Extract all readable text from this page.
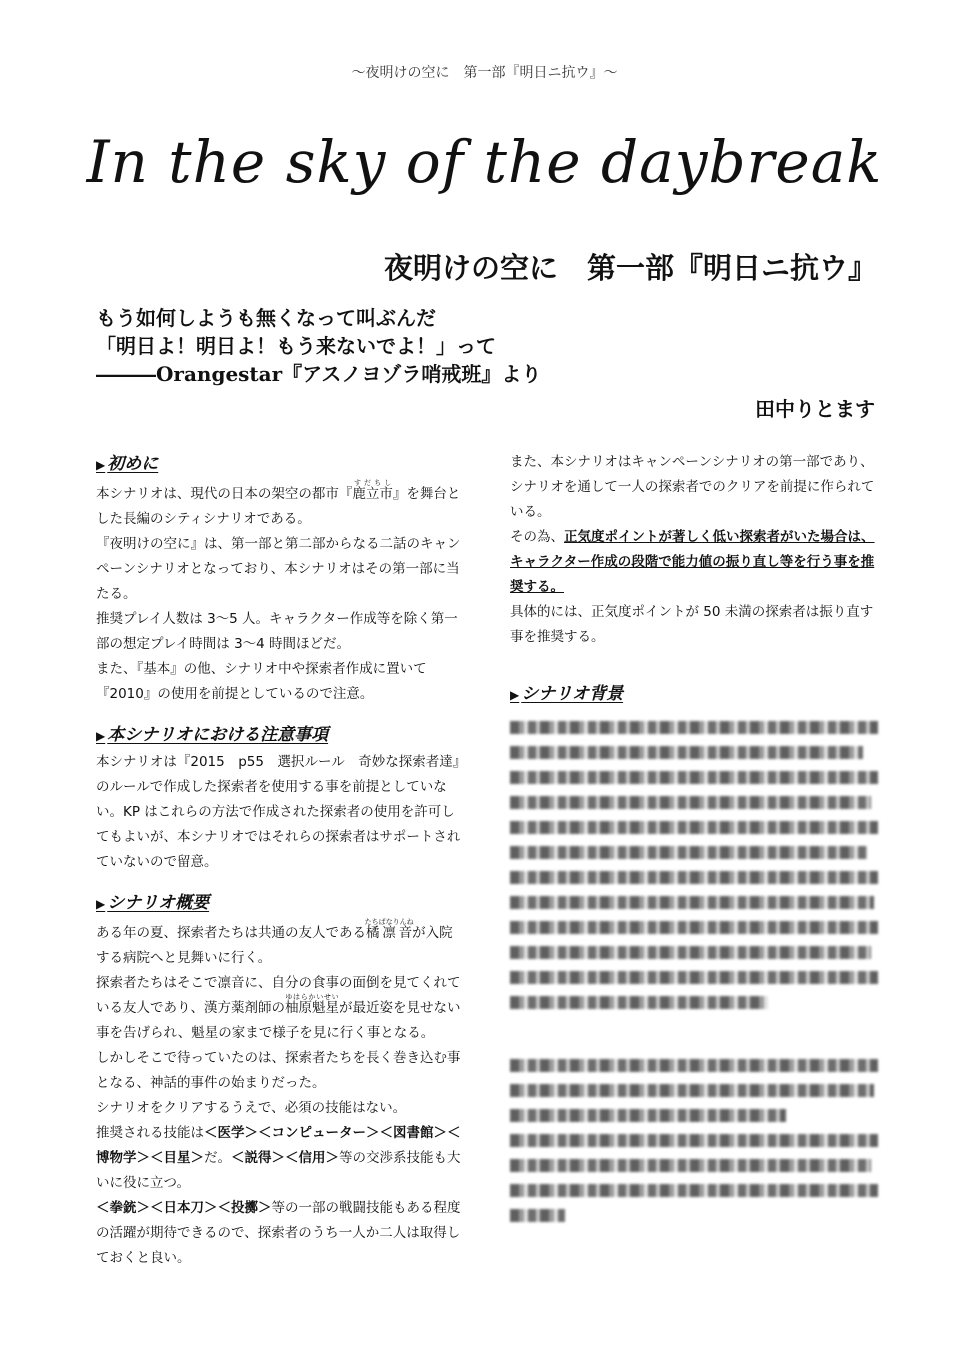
～夜明けの空に　第一部『明日ニ抗ウ』～
In the sky of the daybreak
夜明けの空に　第一部『明日ニ抗ウ』
もう如何しようも無くなって叫ぶんだ
「明日よ！明日よ！もう来ないでよ！」って
―――Orangestar『アスノヨゾラ哨戒班』より
田中りとます
▶ 初めに

本シナリオは、現代の日本の架空の都市『鹿立市すだちし』を舞台とした長編のシティシナリオである。

『夜明けの空に』は、第一部と第二部からなる二話のキャンペーンシナリオとなっており、本シナリオはその第一部に当たる。

推奨プレイ人数は 3～5 人。キャラクター作成等を除く第一部の想定プレイ時間は 3～4 時間ほどだ。

また、『基本』の他、シナリオ中や探索者作成に置いて『2010』の使用を前提としているので注意。

▶ 本シナリオにおける注意事項

本シナリオは『2015　p55　選択ルール　奇妙な探索者達』のルールで作成した探索者を使用する事を前提としていない。KP はこれらの方法で作成された探索者の使用を許可してもよいが、本シナリオではそれらの探索者はサポートされていないので留意。

▶ シナリオ概要

ある年の夏、探索者たちは共通の友人である橘凛音たちばなりんねが入院する病院へと見舞いに行く。

探索者たちはそこで凛音に、自分の食事の面倒を見てくれている友人であり、漢方薬剤師の柚原魁星ゆはらかいせいが最近姿を見せない事を告げられ、魁星の家まで様子を見に行く事となる。

しかしそこで待っていたのは、探索者たちを長く巻き込む事となる、神話的事件の始まりだった。

シナリオをクリアするうえで、必須の技能はない。

推奨される技能は＜医学＞＜コンピューター＞＜図書館＞＜博物学＞＜目星＞だ。＜説得＞＜信用＞等の交渉系技能も大いに役に立つ。

＜拳銃＞＜日本刀＞＜投擲＞等の一部の戦闘技能もある程度の活躍が期待できるので、探索者のうち一人か二人は取得しておくと良い。

また、本シナリオはキャンペーンシナリオの第一部であり、シナリオを通して一人の探索者でのクリアを前提に作られている。

その為、正気度ポイントが著しく低い探索者がいた場合は、キャラクター作成の段階で能力値の振り直し等を行う事を推奨する。

具体的には、正気度ポイントが 50 未満の探索者は振り直す事を推奨する。

▶ シナリオ背景
